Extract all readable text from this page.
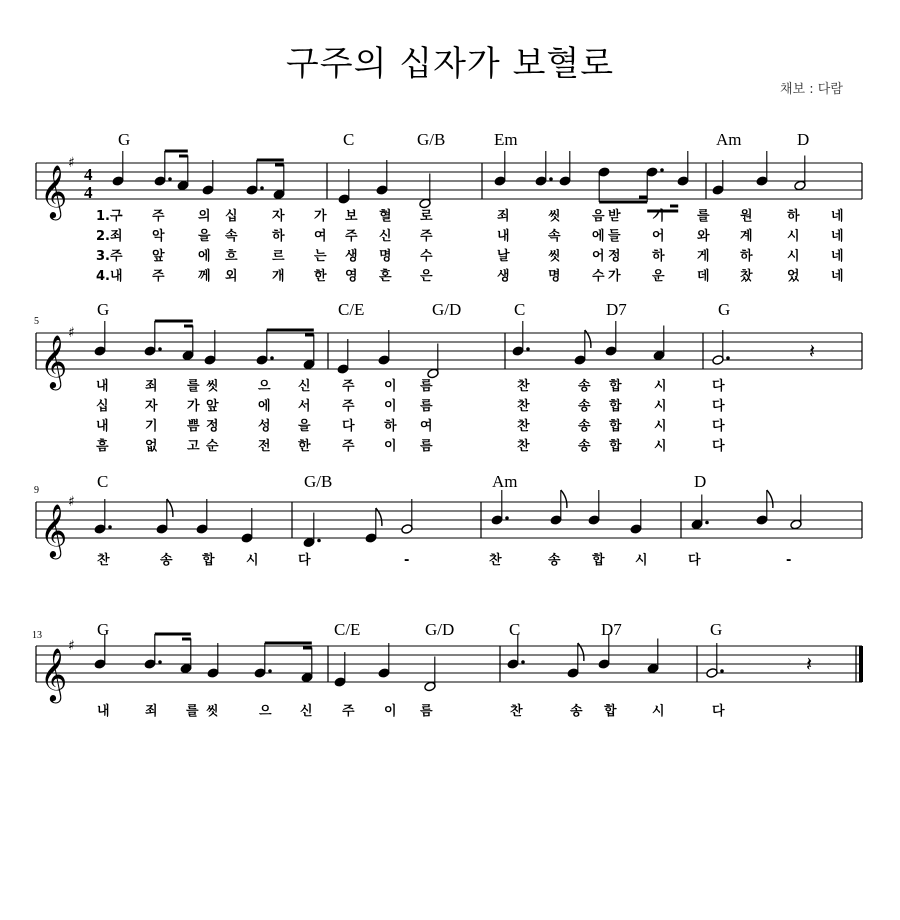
구주의 십자가 보혈로
채보 : 다람
5
9
13
𝄞
♯
4
4
𝄞
♯
𝄞
♯
𝄞
♯
𝄽
𝄽
G	C	G/B	Em	Am	D
G	C/E	G/D	C	D7	G
C	G/B	Am	D
G	C/E	G/D	C	D7	G
1.구 주	의 십	자 가 보 혈 로	죄	씻 음 받 기 를 원	하 네
2.죄 악	을 속	하 여 주 신 주	내	속 에 들 어 와 계	시 네
3.주 앞	에 흐	르 는 생 명 수	날	씻 어 정 하 게 하	시 네
4.내 주	께 외	개 한 영 혼 은	생	명 수 가 운 데 찼	었 네
내	죄 를 씻	으 신 주 이 름	찬	송 합 시	다
십	자 가 앞	에 서 주 이 름	찬	송 합 시	다
내	기 쁨 정	성 을 다 하 여	찬	송 합 시	다
흠	없 고 순	전 한 주 이 름	찬	송 합 시	다
찬	송 합 시	다	-	찬	송 합 시	다	-
내	죄 를 씻	으 신 주 이 름	찬	송 합	시	다
